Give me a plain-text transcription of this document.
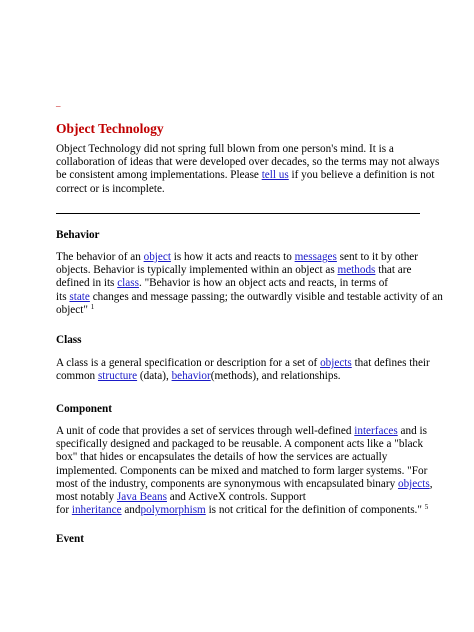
–
Object Technology

Object Technology did not spring full blown from one person's mind. It is a
collaboration of ideas that were developed over decades, so the terms may not always
be consistent among implementations. Please tell us if you believe a definition is not
correct or is incomplete.

Behavior

The behavior of an object is how it acts and reacts to messages sent to it by other
objects. Behavior is typically implemented within an object as methods that are
defined in its class. "Behavior is how an object acts and reacts, in terms of
its state changes and message passing; the outwardly visible and testable activity of an
object" $^1$

Class

A class is a general specification or description for a set of objects that defines their
common structure (data), behavior(methods), and relationships.

Component

A unit of code that provides a set of services through well-defined interfaces and is
specifically designed and packaged to be reusable. A component acts like a "black
box" that hides or encapsulates the details of how the services are actually
implemented. Components can be mixed and matched to form larger systems. "For
most of the industry, components are synonymous with encapsulated binary objects,
most notably Java Beans and ActiveX controls. Support
for inheritance andpolymorphism is not critical for the definition of components." $^5$

Event
